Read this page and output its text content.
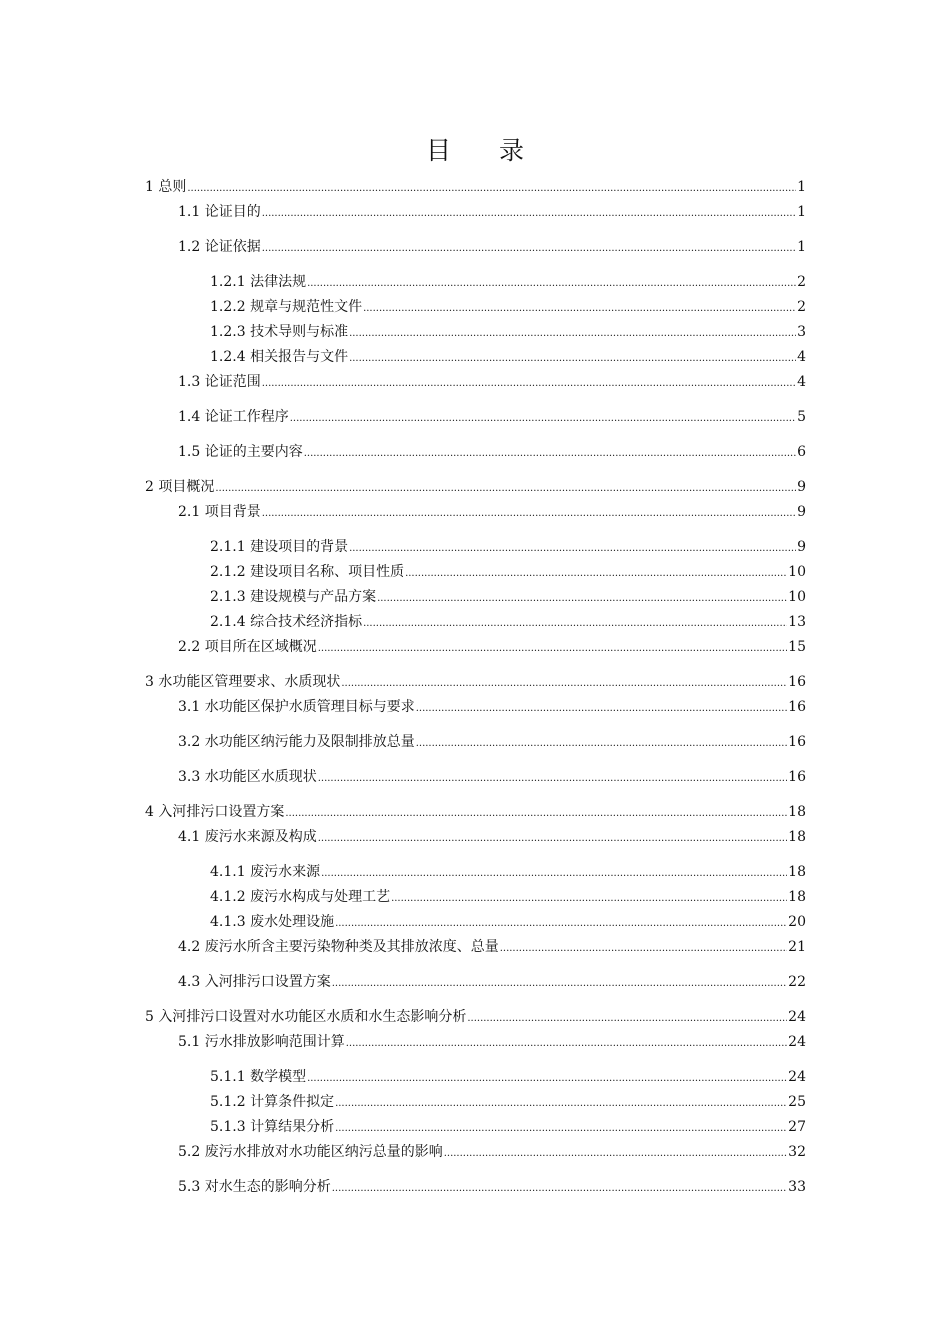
目 录
1 总则 .....	1
1.1 论证目的 .....	1
1.2 论证依据 .....	1
1.2.1 法律法规 .....	2
1.2.2 规章与规范性文件 .....	2
1.2.3 技术导则与标准 .....	3
1.2.4 相关报告与文件 .....	4
1.3 论证范围 .....	4
1.4 论证工作程序 .....	5
1.5 论证的主要内容 .....	6
2 项目概况 .....	9
2.1 项目背景 .....	9
2.1.1 建设项目的背景 .....	9
2.1.2 建设项目名称、项目性质 .....	10
2.1.3 建设规模与产品方案 .....	10
2.1.4 综合技术经济指标 .....	13
2.2 项目所在区域概况 .....	15
3 水功能区管理要求、水质现状 .....	16
3.1 水功能区保护水质管理目标与要求 .....	16
3.2 水功能区纳污能力及限制排放总量 .....	16
3.3 水功能区水质现状 .....	16
4 入河排污口设置方案 .....	18
4.1 废污水来源及构成 .....	18
4.1.1 废污水来源 .....	18
4.1.2 废污水构成与处理工艺 .....	18
4.1.3 废水处理设施 .....	20
4.2 废污水所含主要污染物种类及其排放浓度、总量 .....	21
4.3 入河排污口设置方案 .....	22
5 入河排污口设置对水功能区水质和水生态影响分析 .....	24
5.1 污水排放影响范围计算 .....	24
5.1.1 数学模型 .....	24
5.1.2 计算条件拟定 .....	25
5.1.3 计算结果分析 .....	27
5.2 废污水排放对水功能区纳污总量的影响 .....	32
5.3 对水生态的影响分析 .....	33
